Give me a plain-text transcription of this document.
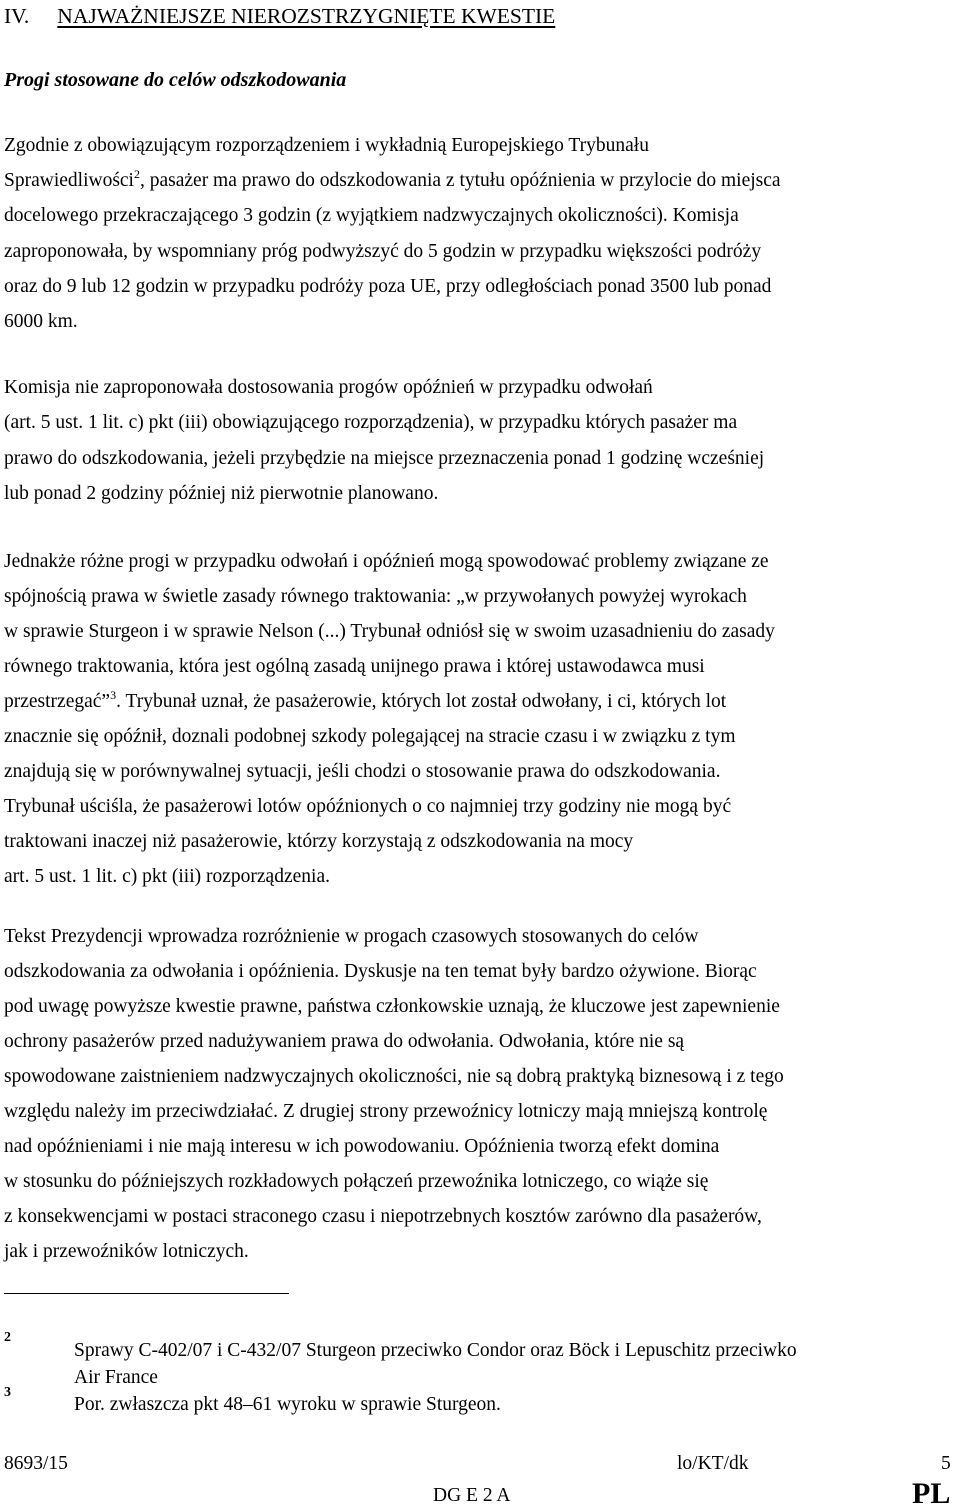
IV. NAJWAŻNIEJSZE NIEROZSTRZYGNIĘTE KWESTIE

Progi stosowane do celów odszkodowania

Zgodnie z obowiązującym rozporządzeniem i wykładnią Europejskiego Trybunału

Sprawiedliwości$^2$, pasażer ma prawo do odszkodowania z tytułu opóźnienia w przylocie do miejsca

docelowego przekraczającego 3 godzin (z wyjątkiem nadzwyczajnych okoliczności). Komisja

zaproponowała, by wspomniany próg podwyższyć do 5 godzin w przypadku większości podróży

oraz do 9 lub 12 godzin w przypadku podróży poza UE, przy odległościach ponad 3500 lub ponad

6000 km.

Komisja nie zaproponowała dostosowania progów opóźnień w przypadku odwołań

(art. 5 ust. 1 lit. c) pkt (iii) obowiązującego rozporządzenia), w przypadku których pasażer ma

prawo do odszkodowania, jeżeli przybędzie na miejsce przeznaczenia ponad 1 godzinę wcześniej

lub ponad 2 godziny później niż pierwotnie planowano.

Jednakże różne progi w przypadku odwołań i opóźnień mogą spowodować problemy związane ze

spójnością prawa w świetle zasady równego traktowania: „w przywołanych powyżej wyrokach

w sprawie Sturgeon i w sprawie Nelson (...) Trybunał odniósł się w swoim uzasadnieniu do zasady

równego traktowania, która jest ogólną zasadą unijnego prawa i której ustawodawca musi

przestrzegać”$^3$. Trybunał uznał, że pasażerowie, których lot został odwołany, i ci, których lot

znacznie się opóźnił, doznali podobnej szkody polegającej na stracie czasu i w związku z tym

znajdują się w porównywalnej sytuacji, jeśli chodzi o stosowanie prawa do odszkodowania.

Trybunał uściśla, że pasażerowi lotów opóźnionych o co najmniej trzy godziny nie mogą być

traktowani inaczej niż pasażerowie, którzy korzystają z odszkodowania na mocy

art. 5 ust. 1 lit. c) pkt (iii) rozporządzenia.

Tekst Prezydencji wprowadza rozróżnienie w progach czasowych stosowanych do celów

odszkodowania za odwołania i opóźnienia. Dyskusje na ten temat były bardzo ożywione. Biorąc

pod uwagę powyższe kwestie prawne, państwa członkowskie uznają, że kluczowe jest zapewnienie

ochrony pasażerów przed nadużywaniem prawa do odwołania. Odwołania, które nie są

spowodowane zaistnieniem nadzwyczajnych okoliczności, nie są dobrą praktyką biznesową i z tego

względu należy im przeciwdziałać. Z drugiej strony przewoźnicy lotniczy mają mniejszą kontrolę

nad opóźnieniami i nie mają interesu w ich powodowaniu. Opóźnienia tworzą efekt domina

w stosunku do późniejszych rozkładowych połączeń przewoźnika lotniczego, co wiąże się

z konsekwencjami w postaci straconego czasu i niepotrzebnych kosztów zarówno dla pasażerów,

jak i przewoźników lotniczych.

2
Sprawy C-402/07 i C-432/07 Sturgeon przeciwko Condor oraz Böck i Lepuschitz przeciwko
Air France
3
Por. zwłaszcza pkt 48–61 wyroku w sprawie Sturgeon.
8693/15	lo/KT/dk	5
DG E 2 A	PL
